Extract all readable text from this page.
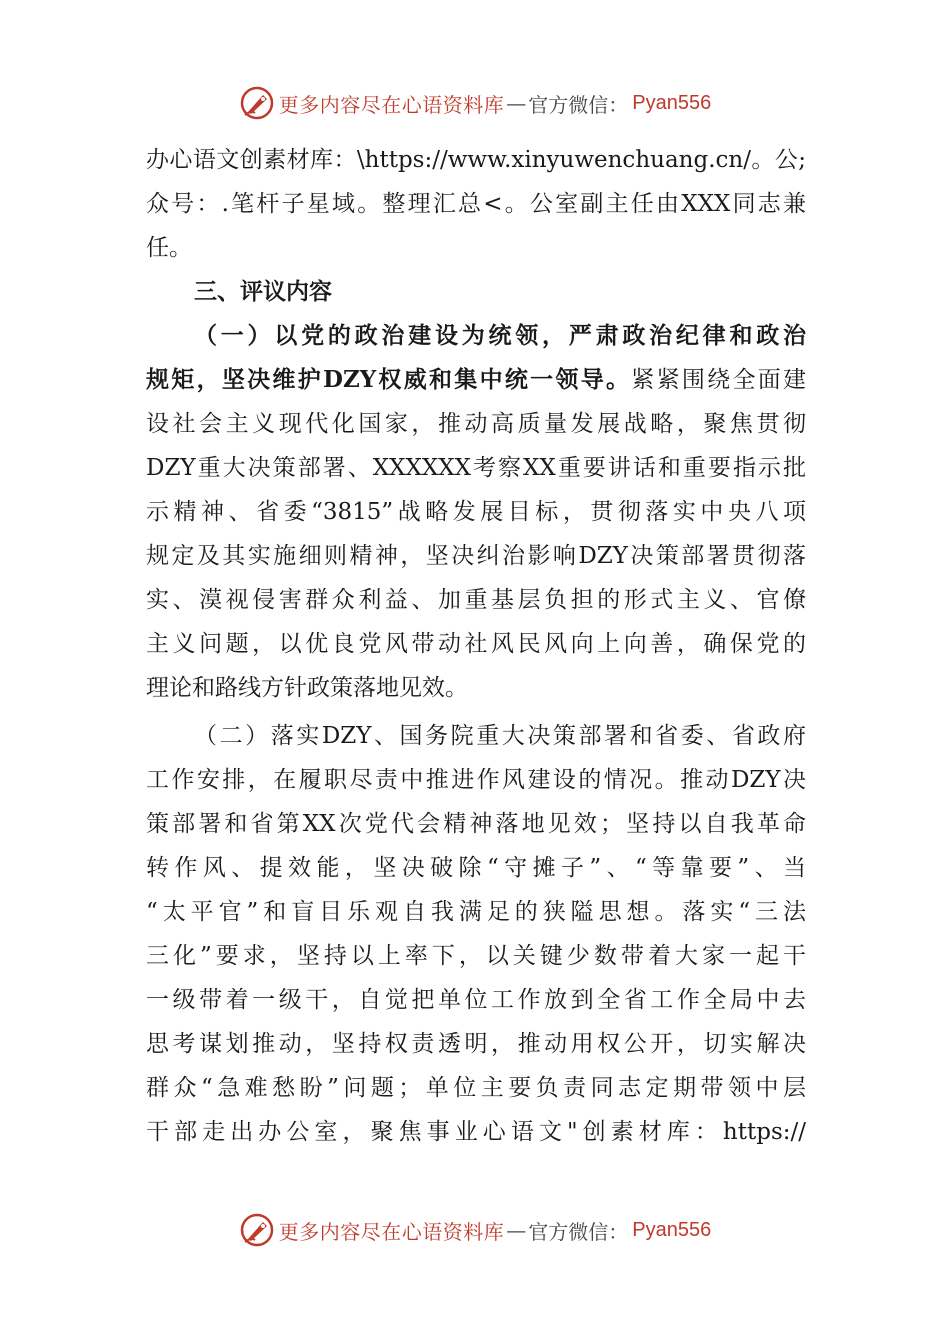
更多内容尽在心语资料库 — 官方微信： Pyan556
办心语文创素材库：\https://www.xinyuwenchuang.cn/。公;
众号：.笔杆子星域。整理汇总<。公室副主任由XXX同志兼
任。
三、评议内容
（一）以党的政治建设为统领，严肃政治纪律和政治
规矩，坚决维护DZY权威和集中统一领导。紧紧围绕全面建
设社会主义现代化国家，推动高质量发展战略，聚焦贯彻
DZY重大决策部署、XXXXXX考察XX重要讲话和重要指示批
示精神、省委“3815”战略发展目标，贯彻落实中央八项
规定及其实施细则精神，坚决纠治影响DZY决策部署贯彻落
实、漠视侵害群众利益、加重基层负担的形式主义、官僚
主义问题，以优良党风带动社风民风向上向善，确保党的
理论和路线方针政策落地见效。
（二）落实DZY、国务院重大决策部署和省委、省政府
工作安排，在履职尽责中推进作风建设的情况。推动DZY决
策部署和省第XX次党代会精神落地见效；坚持以自我革命
转作风、提效能，坚决破除“守摊子”、“等靠要”、当
“太平官”和盲目乐观自我满足的狭隘思想。落实“三法
三化”要求，坚持以上率下，以关键少数带着大家一起干
一级带着一级干，自觉把单位工作放到全省工作全局中去
思考谋划推动，坚持权责透明，推动用权公开，切实解决
群众“急难愁盼”问题；单位主要负责同志定期带领中层
干部走出办公室，聚焦事业心语文"创素材库：https://
更多内容尽在心语资料库 — 官方微信： Pyan556
